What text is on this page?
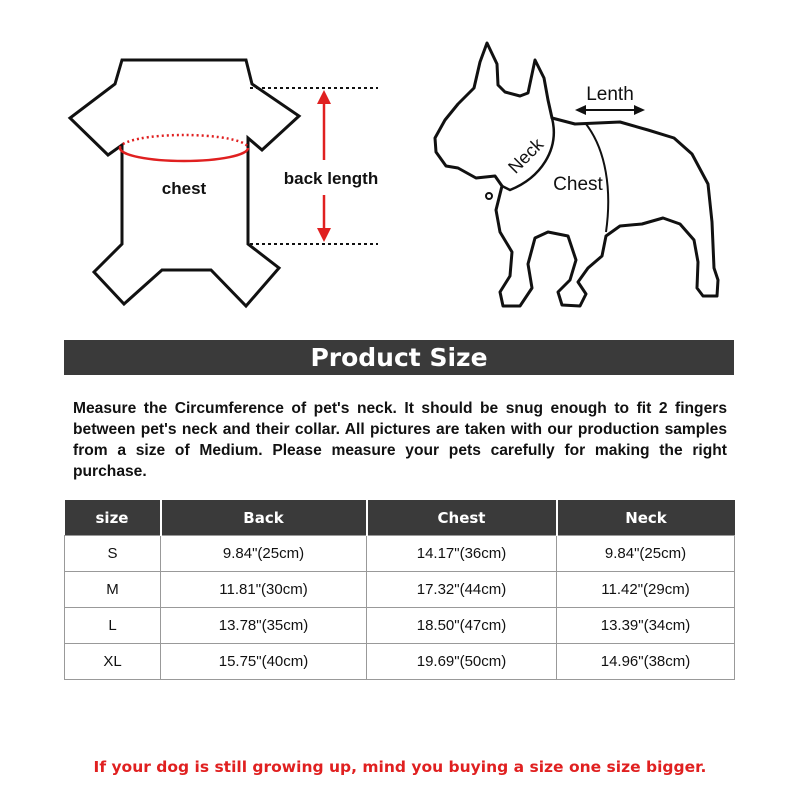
chest
back length
Lenth
Neck
Chest
Product Size
Measure the Circumference of pet's neck. It should be snug enough to fit 2 fingers between pet's neck and their collar. All pictures are taken with our production samples from a size of Medium. Please measure your pets carefully for making the right purchase.
size	Back	Chest	Neck
S	9.84"(25cm)	14.17"(36cm)	9.84"(25cm)
M	11.81"(30cm)	17.32"(44cm)	11.42"(29cm)
L	13.78"(35cm)	18.50"(47cm)	13.39"(34cm)
XL	15.75"(40cm)	19.69"(50cm)	14.96"(38cm)
If your dog is still growing up, mind you buying a size one size bigger.
